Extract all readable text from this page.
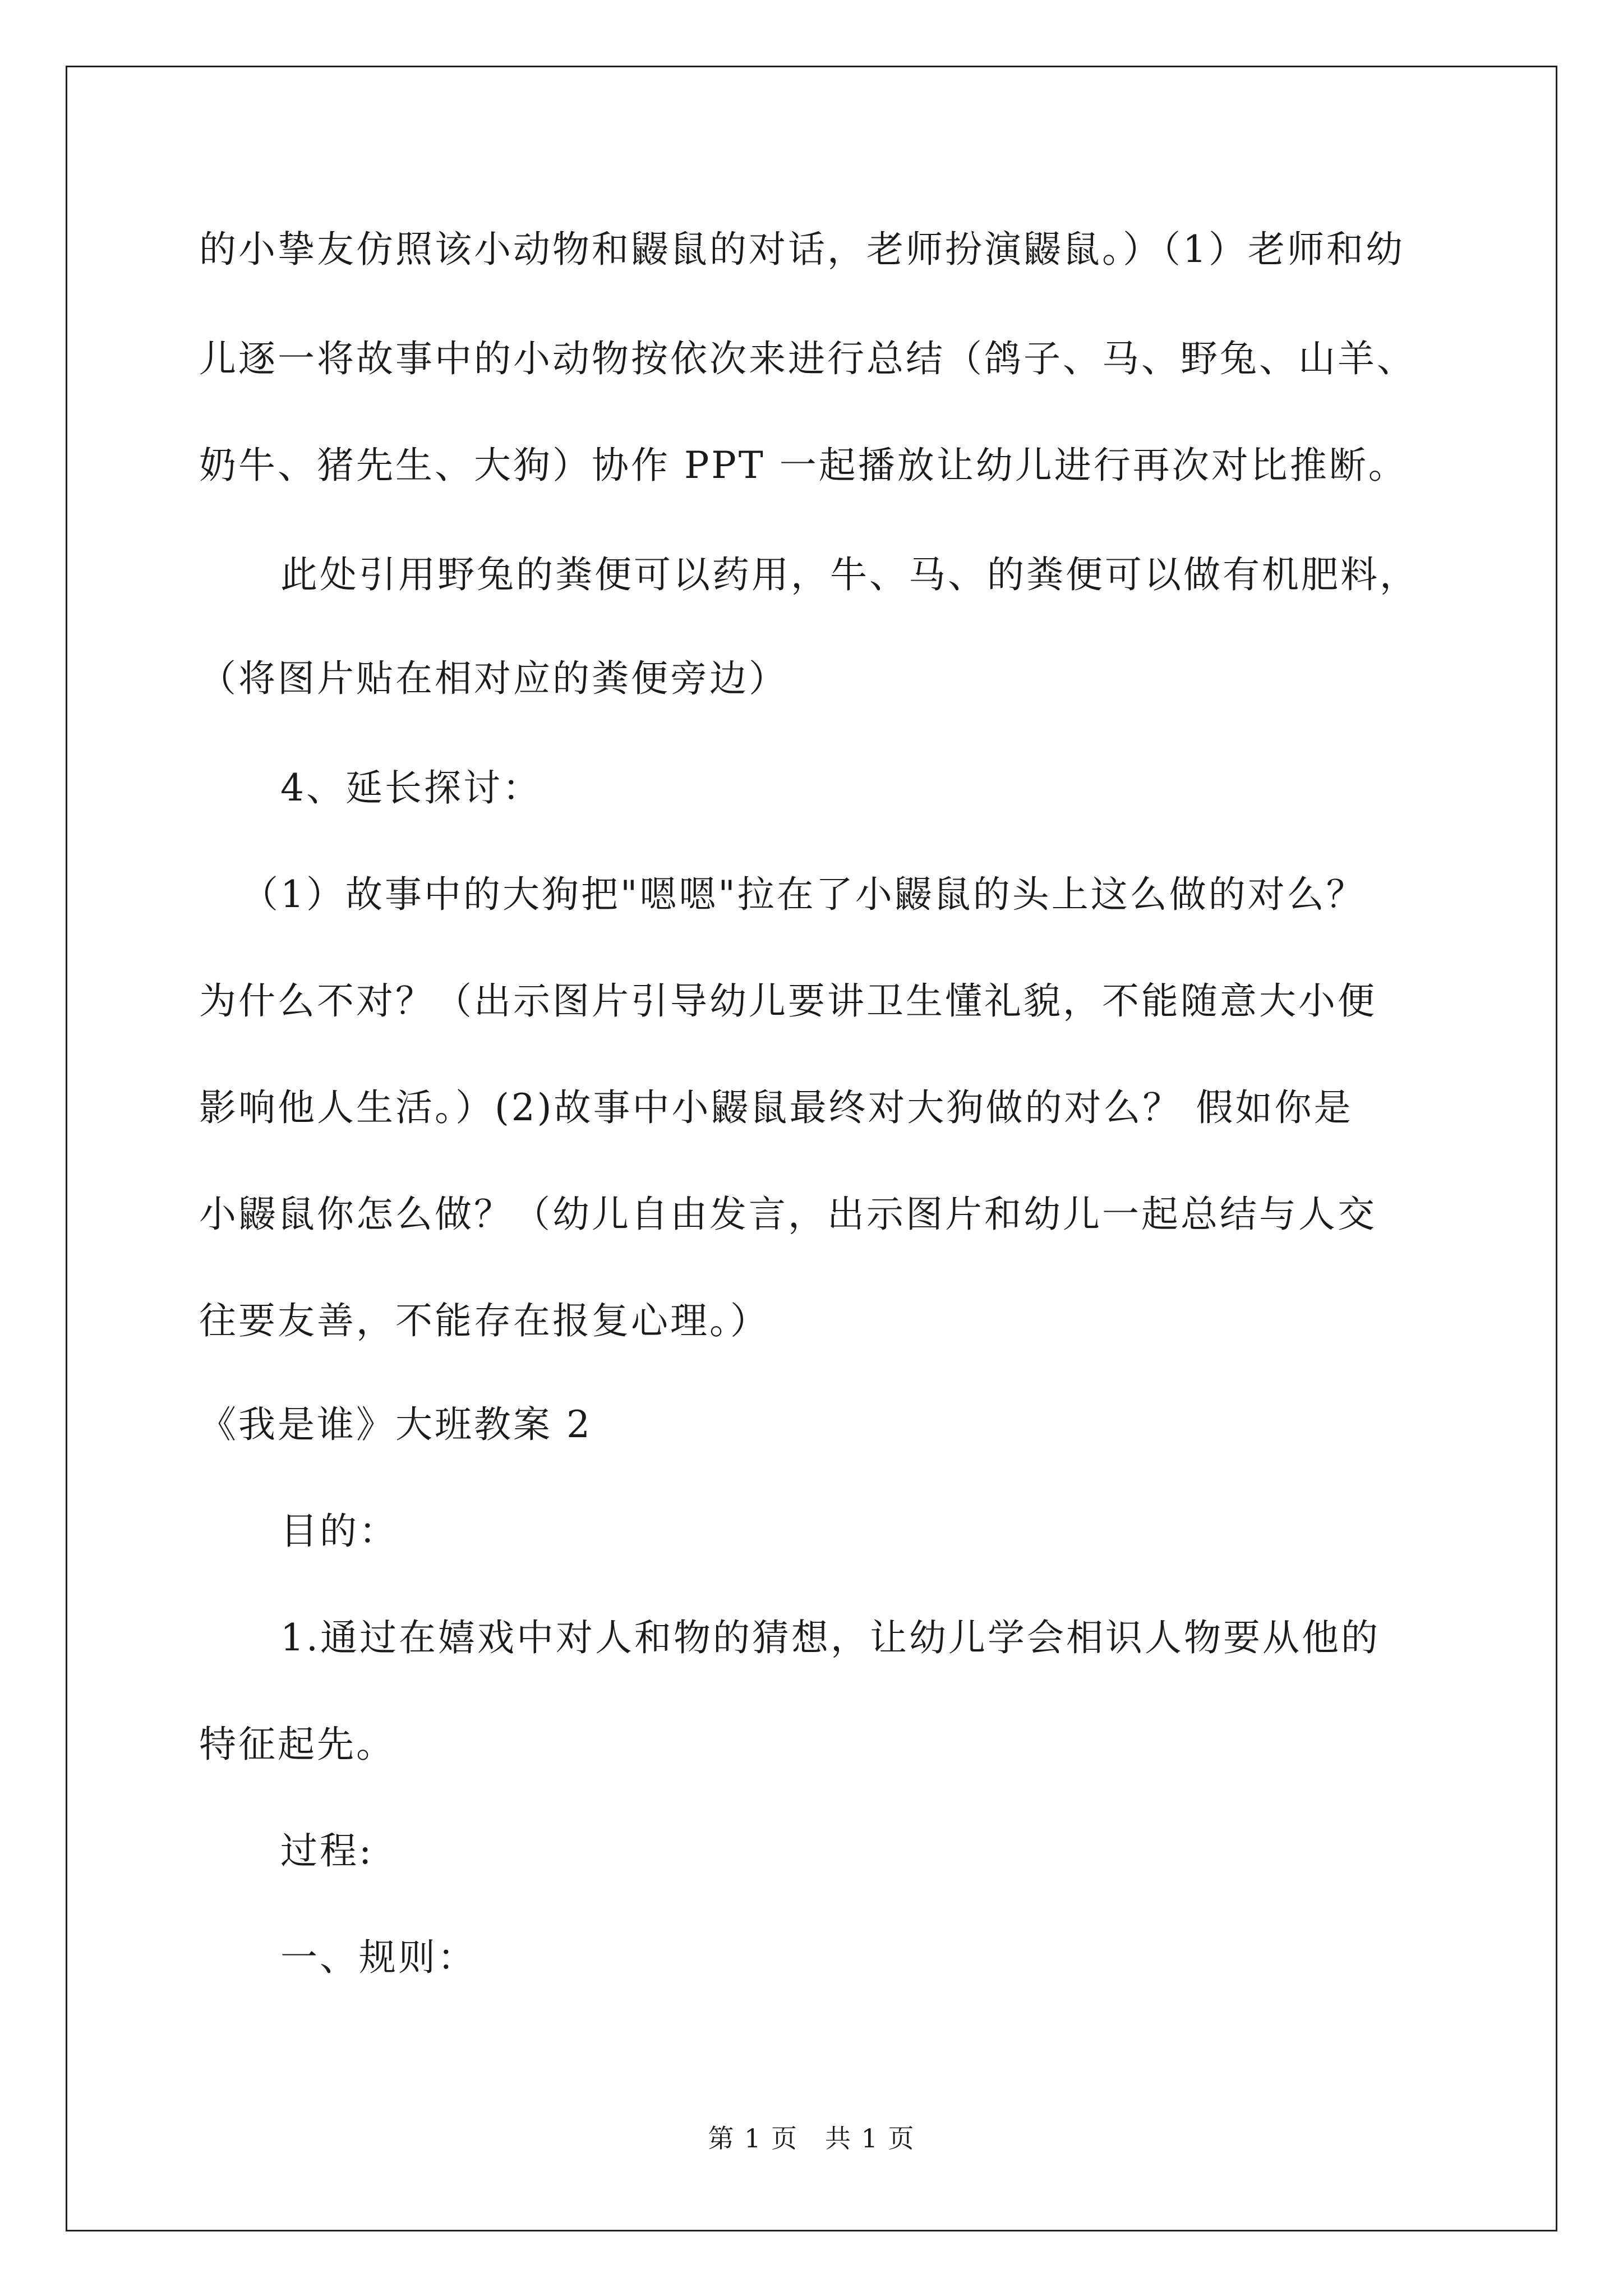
的小挚友仿照该小动物和鼹鼠的对话，老师扮演鼹鼠。）（1）老师和幼
儿逐一将故事中的小动物按依次来进行总结（鸽子、马、野兔、山羊、
奶牛、猪先生、大狗）协作 PPT 一起播放让幼儿进行再次对比推断。
此处引用野兔的粪便可以药用，牛、马、的粪便可以做有机肥料，
（将图片贴在相对应的粪便旁边）
4、延长探讨：
（1）故事中的大狗把"嗯嗯"拉在了小鼹鼠的头上这么做的对么？
为什么不对？（出示图片引导幼儿要讲卫生懂礼貌，不能随意大小便
影响他人生活。）(2)故事中小鼹鼠最终对大狗做的对么？ 假如你是
小鼹鼠你怎么做？（幼儿自由发言，出示图片和幼儿一起总结与人交
往要友善，不能存在报复心理。）
《我是谁》大班教案 2
目的：
1.通过在嬉戏中对人和物的猜想，让幼儿学会相识人物要从他的
特征起先。
过程:
一、规则：
第 1 页　共 1 页
